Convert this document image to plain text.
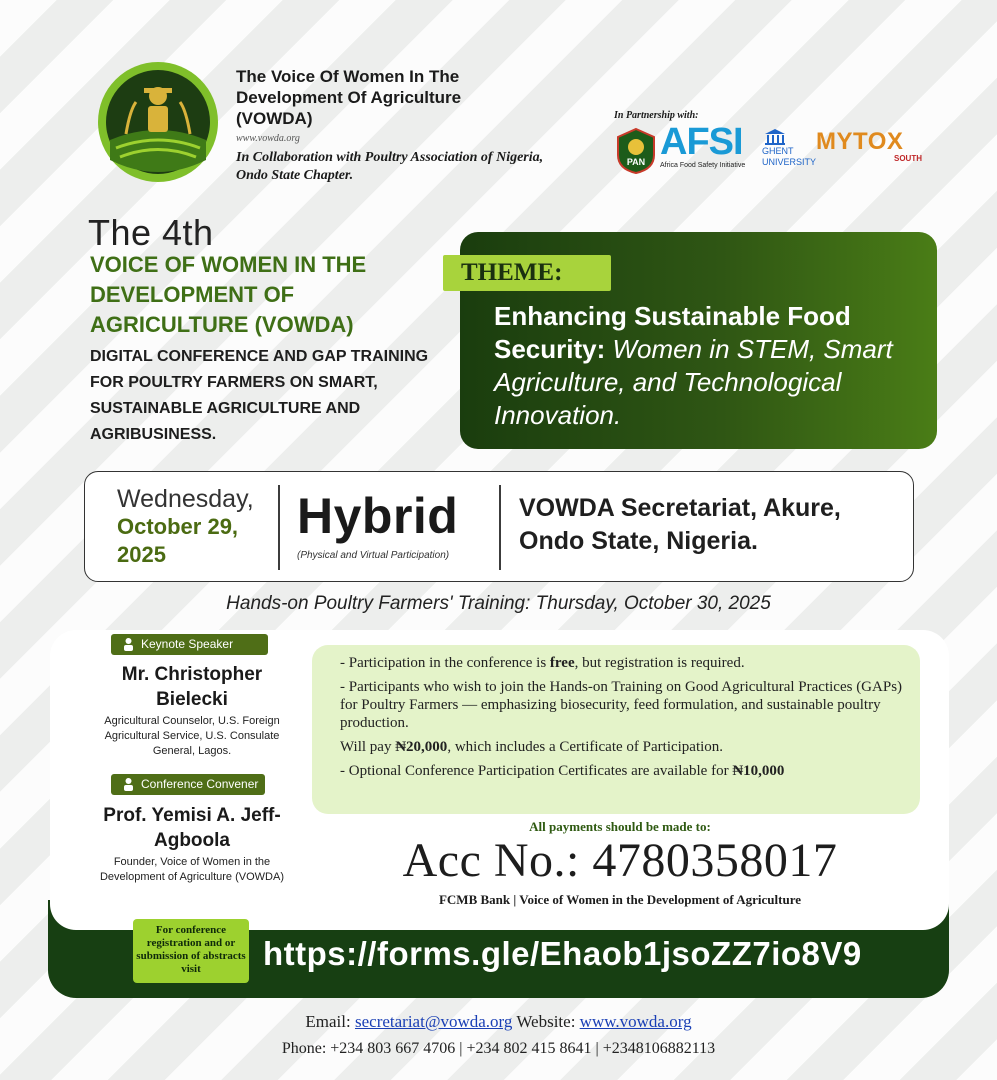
The Voice Of Women In The Development Of Agriculture (VOWDA)
www.vowda.org
In Collaboration with Poultry Association of Nigeria, Ondo State Chapter.
In Partnership with:
PAN AFSI
Africa Food Safety Initiative
GHENT UNIVERSITY
MYTOX
SOUTH
The 4th
VOICE OF WOMEN IN THE DEVELOPMENT OF AGRICULTURE (VOWDA)
DIGITAL CONFERENCE AND GAP TRAINING FOR POULTRY FARMERS ON SMART, SUSTAINABLE AGRICULTURE AND AGRIBUSINESS.
THEME:
Enhancing Sustainable Food Security: Women in STEM, Smart Agriculture, and Technological Innovation.
Wednesday,
October 29, 2025
Hybrid
(Physical and Virtual Participation)
VOWDA Secretariat, Akure, Ondo State, Nigeria.
Hands-on Poultry Farmers' Training: Thursday, October 30, 2025
Keynote Speaker
Mr. Christopher Bielecki
Agricultural Counselor, U.S. Foreign Agricultural Service, U.S. Consulate General, Lagos.
Conference Convener
Prof. Yemisi A. Jeff-Agboola
Founder, Voice of Women in the Development of Agriculture (VOWDA)

- Participation in the conference is free, but registration is required.

- Participants who wish to join the Hands-on Training on Good Agricultural Practices (GAPs) for Poultry Farmers — emphasizing biosecurity, feed formulation, and sustainable poultry production.

Will pay ₦20,000, which includes a Certificate of Participation.

- Optional Conference Participation Certificates are available for ₦10,000

All payments should be made to:
Acc No.: 4780358017
FCMB Bank | Voice of Women in the Development of Agriculture
For conference registration and or submission of abstracts visit	https://forms.gle/Ehaob1jsoZZ7io8V9
Email: secretariat@vowda.org Website: www.vowda.org
Phone: +234 803 667 4706 | +234 802 415 8641 | +2348106882113
